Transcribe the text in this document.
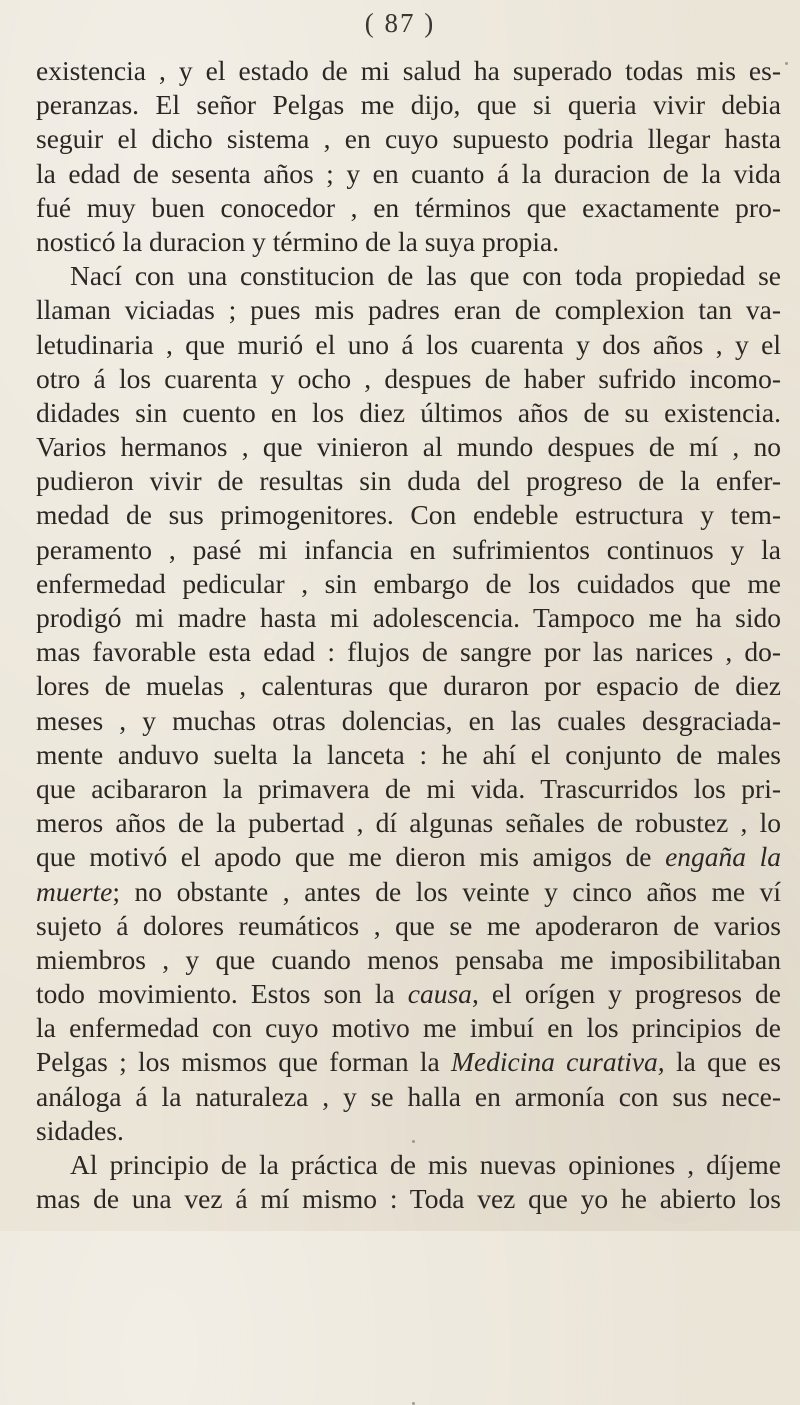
( 87 )
existencia , y el estado de mi salud ha superado todas mis es-
peranzas. El señor Pelgas me dijo, que si queria vivir debia
seguir el dicho sistema , en cuyo supuesto podria llegar hasta
la edad de sesenta años ; y en cuanto á la duracion de la vida
fué muy buen conocedor , en términos que exactamente pro-
nosticó la duracion y término de la suya propia.
Nací con una constitucion de las que con toda propiedad se
llaman viciadas ; pues mis padres eran de complexion tan va-
letudinaria , que murió el uno á los cuarenta y dos años , y el
otro á los cuarenta y ocho , despues de haber sufrido incomo-
didades sin cuento en los diez últimos años de su existencia.
Varios hermanos , que vinieron al mundo despues de mí , no
pudieron vivir de resultas sin duda del progreso de la enfer-
medad de sus primogenitores. Con endeble estructura y tem-
peramento , pasé mi infancia en sufrimientos continuos y la
enfermedad pedicular , sin embargo de los cuidados que me
prodigó mi madre hasta mi adolescencia. Tampoco me ha sido
mas favorable esta edad : flujos de sangre por las narices , do-
lores de muelas , calenturas que duraron por espacio de diez
meses , y muchas otras dolencias, en las cuales desgraciada-
mente anduvo suelta la lanceta : he ahí el conjunto de males
que acibararon la primavera de mi vida. Trascurridos los pri-
meros años de la pubertad , dí algunas señales de robustez , lo
que motivó el apodo que me dieron mis amigos de engaña la
muerte; no obstante , antes de los veinte y cinco años me ví
sujeto á dolores reumáticos , que se me apoderaron de varios
miembros , y que cuando menos pensaba me imposibilitaban
todo movimiento. Estos son la causa, el orígen y progresos de
la enfermedad con cuyo motivo me imbuí en los principios de
Pelgas ; los mismos que forman la Medicina curativa, la que es
análoga á la naturaleza , y se halla en armonía con sus nece-
sidades.
Al principio de la práctica de mis nuevas opiniones , díjeme
mas de una vez á mí mismo : Toda vez que yo he abierto los
